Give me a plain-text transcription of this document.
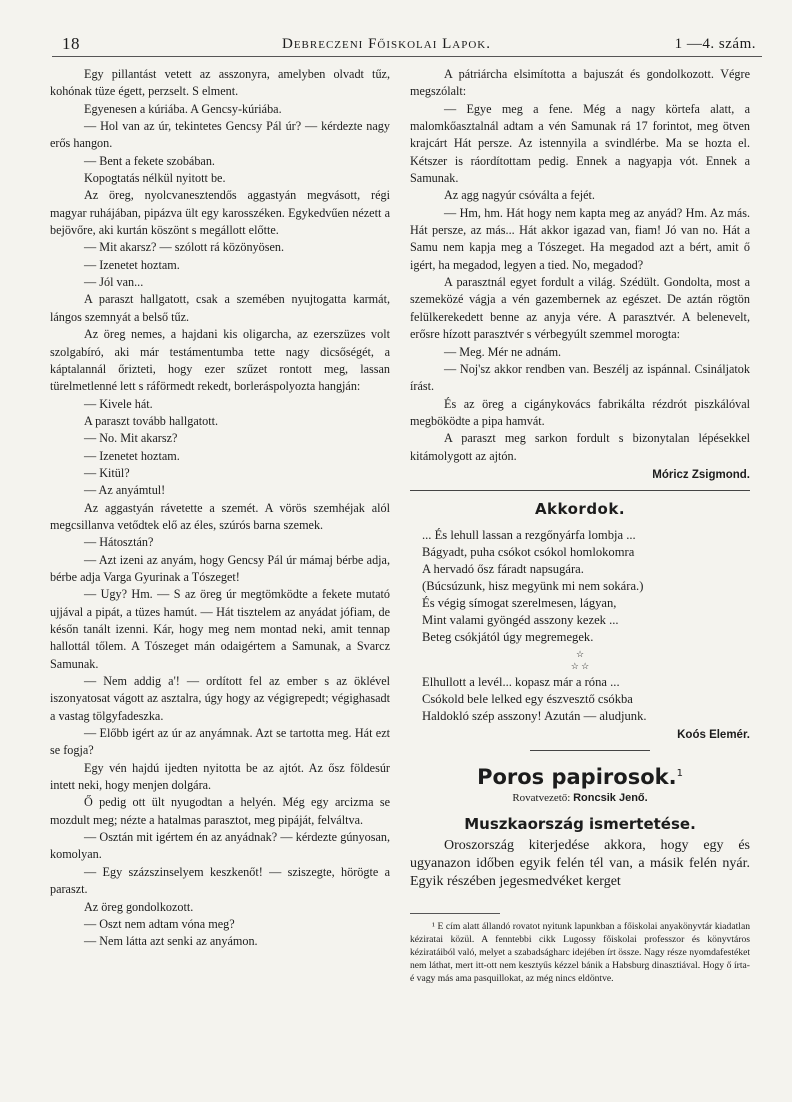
18	Debreczeni Főiskolai Lapok.	1 —4. szám.

Egy pillantást vetett az asszonyra, amelyben olvadt tűz, kohónak tüze égett, perzselt. S elment.

Egyenesen a kúriába. A Gencsy-kúriába.

— Hol van az úr, tekintetes Gencsy Pál úr? — kérdezte nagy erős hangon.

— Bent a fekete szobában.

Kopogtatás nélkül nyitott be.

Az öreg, nyolcvanesztendős aggastyán megvásott, régi magyar ruhájában, pipázva ült egy karosszéken. Egykedvűen nézett a bejövőre, aki kurtán köszönt s megállott előtte.

— Mit akarsz? — szólott rá közönyösen.

— Izenetet hoztam.

— Jól van...

A paraszt hallgatott, csak a szemében nyujtogatta karmát, lángos szemnyát a belső tűz.

Az öreg nemes, a hajdani kis oligarcha, az ezerszüzes volt szolgabíró, aki már testámentumba tette nagy dicsőségét, a káptalannál őrizteti, hogy ezer szűzet rontott meg, lassan türelmetlenné lett s ráförmedt rekedt, borleráspolyozta hangján:

— Kivele hát.

A paraszt tovább hallgatott.

— No. Mit akarsz?

— Izenetet hoztam.

— Kitül?

— Az anyámtul!

Az aggastyán rávetette a szemét. A vörös szemhéjak alól megcsillanva vetődtek elő az éles, szúrós barna szemek.

— Hátosztán?

— Azt izeni az anyám, hogy Gencsy Pál úr mámaj bérbe adja, bérbe adja Varga Gyurinak a Tószeget!

— Ugy? Hm. — S az öreg úr megtömködte a fekete mutató ujjával a pipát, a tüzes hamút. — Hát tisztelem az anyádat jófiam, de későn tanált izenni. Kár, hogy meg nem montad neki, amit tennap hallottál tőlem. A Tószeget mán odaigértem a Samunak, a Svarcz Samunak.

— Nem addig a'! — ordított fel az ember s az öklével iszonyatosat vágott az asztalra, úgy hogy az végigrepedt; végighasadt a vastag tölgyfadeszka.

— Előbb igért az úr az anyámnak. Azt se tartotta meg. Hát ezt se fogja?

Egy vén hajdú ijedten nyitotta be az ajtót. Az ősz földesúr intett neki, hogy menjen dolgára.

Ő pedig ott ült nyugodtan a helyén. Még egy arcizma se mozdult meg; nézte a hatalmas parasztot, meg pipáját, felváltva.

— Osztán mit igértem én az anyádnak? — kérdezte gúnyosan, komolyan.

— Egy százszinselyem keszkenőt! — sziszegte, hörögte a paraszt.

Az öreg gondolkozott.

— Oszt nem adtam vóna meg?

— Nem látta azt senki az anyámon.

A pátriárcha elsimította a bajuszát és gondolkozott. Végre megszólalt:

— Egye meg a fene. Még a nagy körtefa alatt, a malomkőasztalnál adtam a vén Samunak rá 17 forintot, meg ötven krajcárt Hát persze. Az istennyila a svindlérbe. Ma se hozta el. Kétszer is ráordítottam pedig. Ennek a nagyapja vót. Ennek a Samunak.

Az agg nagyúr csóválta a fejét.

— Hm, hm. Hát hogy nem kapta meg az anyád? Hm. Az más. Hát persze, az más... Hát akkor igazad van, fiam! Jó van no. Hát a Samu nem kapja meg a Tószeget. Ha megadod azt a bért, amit ő igért, ha megadod, legyen a tied. No, megadod?

A parasztnál egyet fordult a világ. Szédült. Gondolta, most a szemeközé vágja a vén gazembernek az egészet. De aztán rögtön felülkerekedett benne az anyja vére. A parasztvér. A belenevelt, erősre hízott parasztvér s vérbegyúlt szemmel morogta:

— Meg. Mér ne adnám.

— Noj'sz akkor rendben van. Beszélj az ispánnal. Csináljatok írást.

És az öreg a cigánykovács fabrikálta rézdrót piszkálóval megböködte a pipa hamvát.

A paraszt meg sarkon fordult s bizonytalan lépésekkel kitámolygott az ajtón.

Móricz Zsigmond.
Akkordok.

... És lehull lassan a rezgőnyárfa lombja ...

Bágyadt, puha csókot csókol homlokomra

A hervadó ősz fáradt napsugára.

(Búcsúzunk, hisz megyünk mi nem sokára.)

És végig símogat szerelmesen, lágyan,

Mint valami gyöngéd asszony kezek ...

Beteg csókjától úgy megremegek.

☆
☆ ☆

Elhullott a levél... kopasz már a róna ...

Csókold bele lelked egy észvesztő csókba

Haldokló szép asszony! Azután — aludjunk.

Koós Elemér.
Poros papirosok.$^1$
Rovatvezető: Roncsik Jenő.
Muszkaország ismertetése.

Oroszország kiterjedése akkora, hogy egy és ugyanazon időben egyik felén tél van, a másik felén nyár. Egyik részében jegesmedvéket kerget

¹ E cím alatt állandó rovatot nyitunk lapunkban a főiskolai anyakönyvtár kiadatlan kéziratai közül. A fenntebbi cikk Lugossy főiskolai professzor és könyvtáros kéziratáiból való, melyet a szabadságharc idejében írt össze. Nagy része nyomdafestéket nem láthat, mert itt-ott nem kesztyűs kézzel bánik a Habsburg dinasztiával. Hogy ő írta-é vagy más ama pasquillokat, az még nincs eldöntve.
